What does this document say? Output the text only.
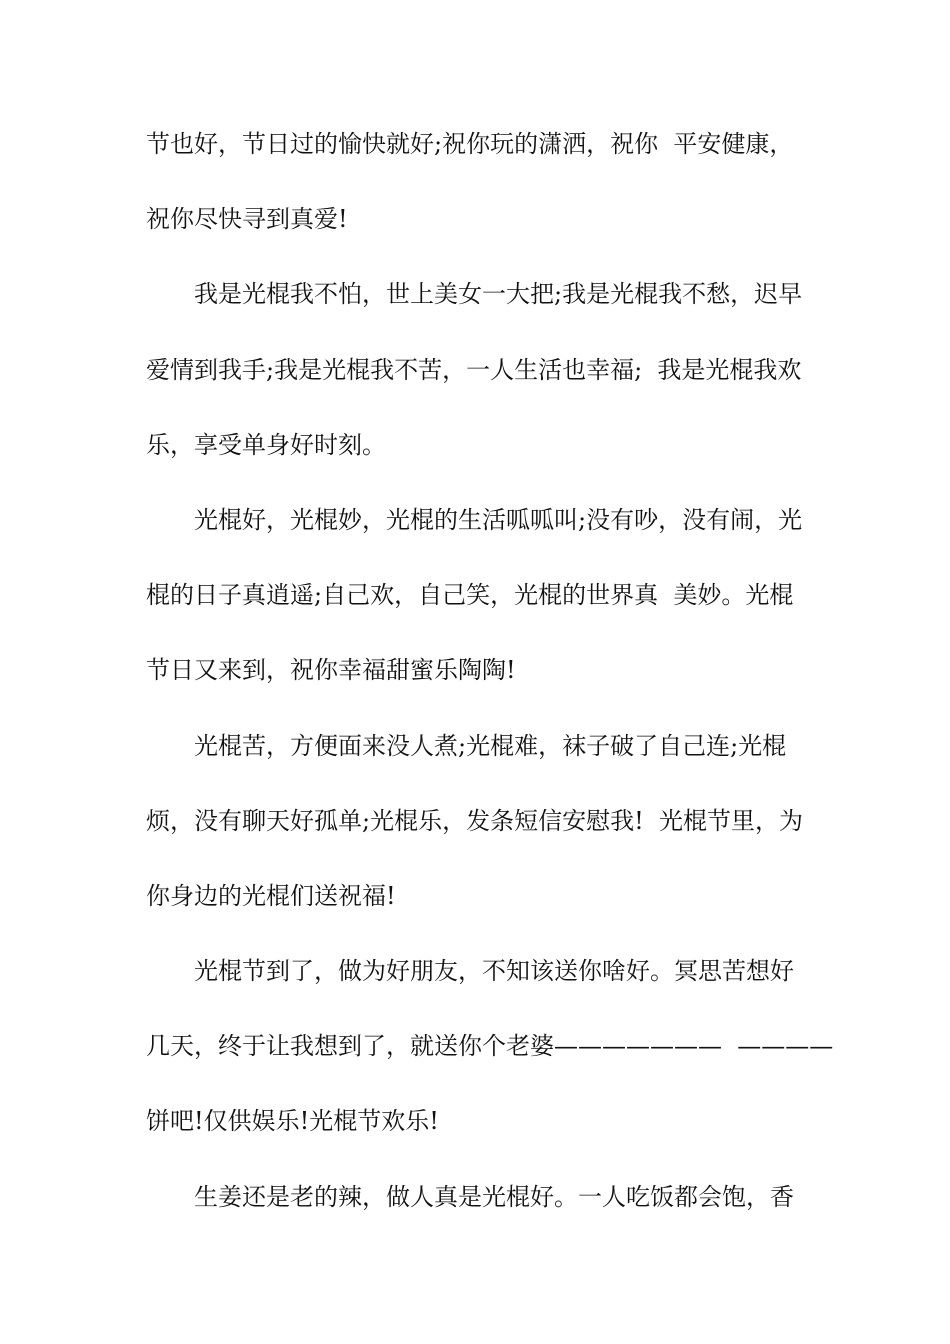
节也好，节日过的愉快就好;祝你玩的潇洒，祝你  平安健康，
祝你尽快寻到真爱!
我是光棍我不怕，世上美女一大把;我是光棍我不愁，迟早
爱情到我手;我是光棍我不苦，一人生活也幸福;  我是光棍我欢
乐，享受单身好时刻。
光棍好，光棍妙，光棍的生活呱呱叫;没有吵，没有闹，光
棍的日子真逍遥;自己欢，自己笑，光棍的世界真  美妙。光棍
节日又来到，祝你幸福甜蜜乐陶陶!
光棍苦，方便面来没人煮;光棍难，袜子破了自己连;光棍
烦，没有聊天好孤单;光棍乐，发条短信安慰我!  光棍节里，为
你身边的光棍们送祝福!
光棍节到了，做为好朋友，不知该送你啥好。冥思苦想好
几天，终于让我想到了，就送你个老婆———————  ————
饼吧!仅供娱乐!光棍节欢乐!
生姜还是老的辣，做人真是光棍好。一人吃饭都会饱，香
